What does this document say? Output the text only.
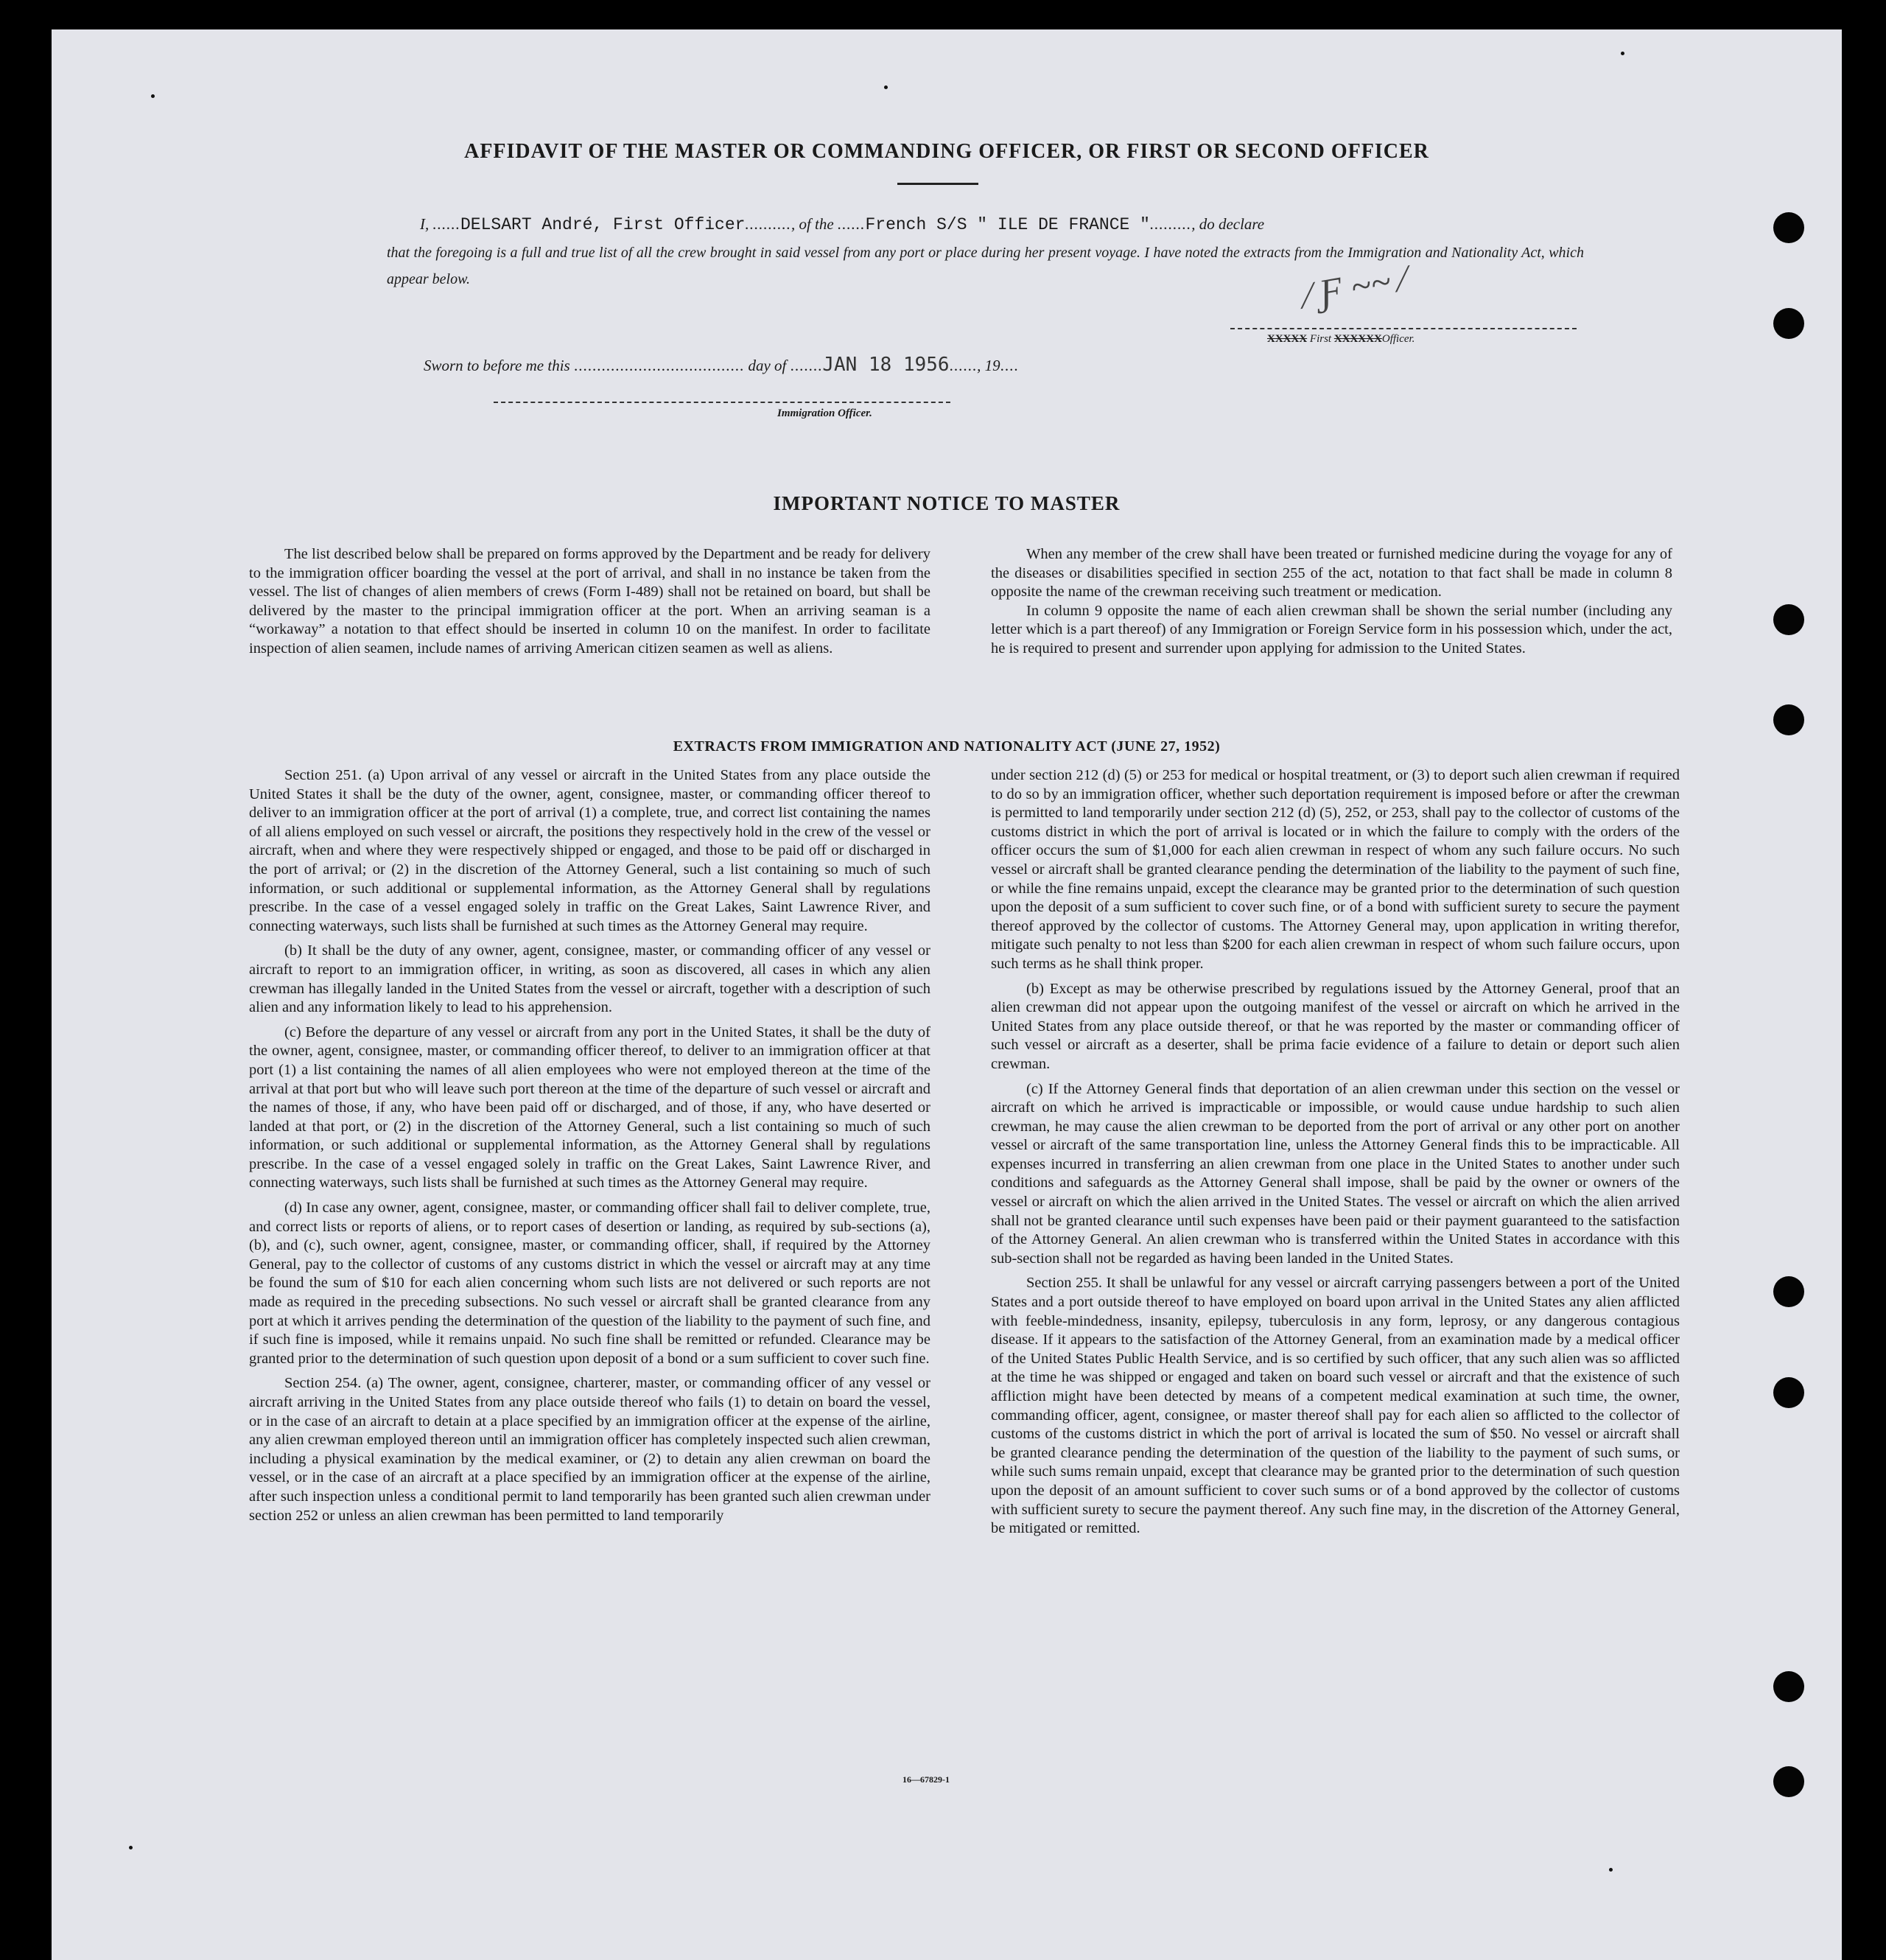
AFFIDAVIT OF THE MASTER OR COMMANDING OFFICER, OR FIRST OR SECOND OFFICER
I, ......DELSART André, First Officer.........., of the ......French S/S " ILE DE FRANCE "........., do declare
that the foregoing is a full and true list of all the crew brought in said vessel from any port or place during her present voyage. I have noted the extracts from the Immigration and Nationality Act, which appear below.	⁄ Ƒ ~~ ⁄
XXXXX First XXXXXXOfficer.
Sworn to before me this ..................................... day of .......JAN 18 1956......, 19....
Immigration Officer.
IMPORTANT NOTICE TO MASTER

The list described below shall be prepared on forms approved by the Department and be ready for delivery to the immigration officer boarding the vessel at the port of arrival, and shall in no instance be taken from the vessel. The list of changes of alien members of crews (Form I-489) shall not be retained on board, but shall be delivered by the master to the principal immigration officer at the port. When an arriving seaman is a “workaway” a notation to that effect should be inserted in column 10 on the manifest. In order to facilitate inspection of alien seamen, include names of arriving American citizen seamen as well as aliens.

When any member of the crew shall have been treated or furnished medicine during the voyage for any of the diseases or disabilities specified in section 255 of the act, notation to that fact shall be made in column 8 opposite the name of the crewman receiving such treatment or medication.

In column 9 opposite the name of each alien crewman shall be shown the serial number (including any letter which is a part thereof) of any Immigration or Foreign Service form in his possession which, under the act, he is required to present and surrender upon applying for admission to the United States.

EXTRACTS FROM IMMIGRATION AND NATIONALITY ACT (JUNE 27, 1952)

Section 251. (a) Upon arrival of any vessel or aircraft in the United States from any place outside the United States it shall be the duty of the owner, agent, consignee, master, or commanding officer thereof to deliver to an immigration officer at the port of arrival (1) a complete, true, and correct list containing the names of all aliens employed on such vessel or aircraft, the positions they respectively hold in the crew of the vessel or aircraft, when and where they were respectively shipped or engaged, and those to be paid off or discharged in the port of arrival; or (2) in the discretion of the Attorney General, such a list containing so much of such information, or such additional or supplemental information, as the Attorney General shall by regulations prescribe. In the case of a vessel engaged solely in traffic on the Great Lakes, Saint Lawrence River, and connecting waterways, such lists shall be furnished at such times as the Attorney General may require.

(b) It shall be the duty of any owner, agent, consignee, master, or commanding officer of any vessel or aircraft to report to an immigration officer, in writing, as soon as discovered, all cases in which any alien crewman has illegally landed in the United States from the vessel or aircraft, together with a description of such alien and any information likely to lead to his apprehension.

(c) Before the departure of any vessel or aircraft from any port in the United States, it shall be the duty of the owner, agent, consignee, master, or commanding officer thereof, to deliver to an immigration officer at that port (1) a list containing the names of all alien employees who were not employed thereon at the time of the arrival at that port but who will leave such port thereon at the time of the departure of such vessel or aircraft and the names of those, if any, who have been paid off or discharged, and of those, if any, who have deserted or landed at that port, or (2) in the discretion of the Attorney General, such a list containing so much of such information, or such additional or supplemental information, as the Attorney General shall by regulations prescribe. In the case of a vessel engaged solely in traffic on the Great Lakes, Saint Lawrence River, and connecting waterways, such lists shall be furnished at such times as the Attorney General may require.

(d) In case any owner, agent, consignee, master, or commanding officer shall fail to deliver complete, true, and correct lists or reports of aliens, or to report cases of desertion or landing, as required by sub-sections (a), (b), and (c), such owner, agent, consignee, master, or commanding officer, shall, if required by the Attorney General, pay to the collector of customs of any customs district in which the vessel or aircraft may at any time be found the sum of $10 for each alien concerning whom such lists are not delivered or such reports are not made as required in the preceding subsections. No such vessel or aircraft shall be granted clearance from any port at which it arrives pending the determination of the question of the liability to the payment of such fine, and if such fine is imposed, while it remains unpaid. No such fine shall be remitted or refunded. Clearance may be granted prior to the determination of such question upon deposit of a bond or a sum sufficient to cover such fine.

Section 254. (a) The owner, agent, consignee, charterer, master, or commanding officer of any vessel or aircraft arriving in the United States from any place outside thereof who fails (1) to detain on board the vessel, or in the case of an aircraft to detain at a place specified by an immigration officer at the expense of the airline, any alien crewman employed thereon until an immigration officer has completely inspected such alien crewman, including a physical examination by the medical examiner, or (2) to detain any alien crewman on board the vessel, or in the case of an aircraft at a place specified by an immigration officer at the expense of the airline, after such inspection unless a conditional permit to land temporarily has been granted such alien crewman under section 252 or unless an alien crewman has been permitted to land temporarily

under section 212 (d) (5) or 253 for medical or hospital treatment, or (3) to deport such alien crewman if required to do so by an immigration officer, whether such deportation requirement is imposed before or after the crewman is permitted to land temporarily under section 212 (d) (5), 252, or 253, shall pay to the collector of customs of the customs district in which the port of arrival is located or in which the failure to comply with the orders of the officer occurs the sum of $1,000 for each alien crewman in respect of whom any such failure occurs. No such vessel or aircraft shall be granted clearance pending the determination of the liability to the payment of such fine, or while the fine remains unpaid, except the clearance may be granted prior to the determination of such question upon the deposit of a sum sufficient to cover such fine, or of a bond with sufficient surety to secure the payment thereof approved by the collector of customs. The Attorney General may, upon application in writing therefor, mitigate such penalty to not less than $200 for each alien crewman in respect of whom such failure occurs, upon such terms as he shall think proper.

(b) Except as may be otherwise prescribed by regulations issued by the Attorney General, proof that an alien crewman did not appear upon the outgoing manifest of the vessel or aircraft on which he arrived in the United States from any place outside thereof, or that he was reported by the master or commanding officer of such vessel or aircraft as a deserter, shall be prima facie evidence of a failure to detain or deport such alien crewman.

(c) If the Attorney General finds that deportation of an alien crewman under this section on the vessel or aircraft on which he arrived is impracticable or impossible, or would cause undue hardship to such alien crewman, he may cause the alien crewman to be deported from the port of arrival or any other port on another vessel or aircraft of the same transportation line, unless the Attorney General finds this to be impracticable. All expenses incurred in transferring an alien crewman from one place in the United States to another under such conditions and safeguards as the Attorney General shall impose, shall be paid by the owner or owners of the vessel or aircraft on which the alien arrived in the United States. The vessel or aircraft on which the alien arrived shall not be granted clearance until such expenses have been paid or their payment guaranteed to the satisfaction of the Attorney General. An alien crewman who is transferred within the United States in accordance with this sub-section shall not be regarded as having been landed in the United States.

Section 255. It shall be unlawful for any vessel or aircraft carrying passengers between a port of the United States and a port outside thereof to have employed on board upon arrival in the United States any alien afflicted with feeble-mindedness, insanity, epilepsy, tuberculosis in any form, leprosy, or any dangerous contagious disease. If it appears to the satisfaction of the Attorney General, from an examination made by a medical officer of the United States Public Health Service, and is so certified by such officer, that any such alien was so afflicted at the time he was shipped or engaged and taken on board such vessel or aircraft and that the existence of such affliction might have been detected by means of a competent medical examination at such time, the owner, commanding officer, agent, consignee, or master thereof shall pay for each alien so afflicted to the collector of customs of the customs district in which the port of arrival is located the sum of $50. No vessel or aircraft shall be granted clearance pending the determination of the question of the liability to the payment of such sums, or while such sums remain unpaid, except that clearance may be granted prior to the determination of such question upon the deposit of an amount sufficient to cover such sums or of a bond approved by the collector of customs with sufficient surety to secure the payment thereof. Any such fine may, in the discretion of the Attorney General, be mitigated or remitted.

16—67829-1
